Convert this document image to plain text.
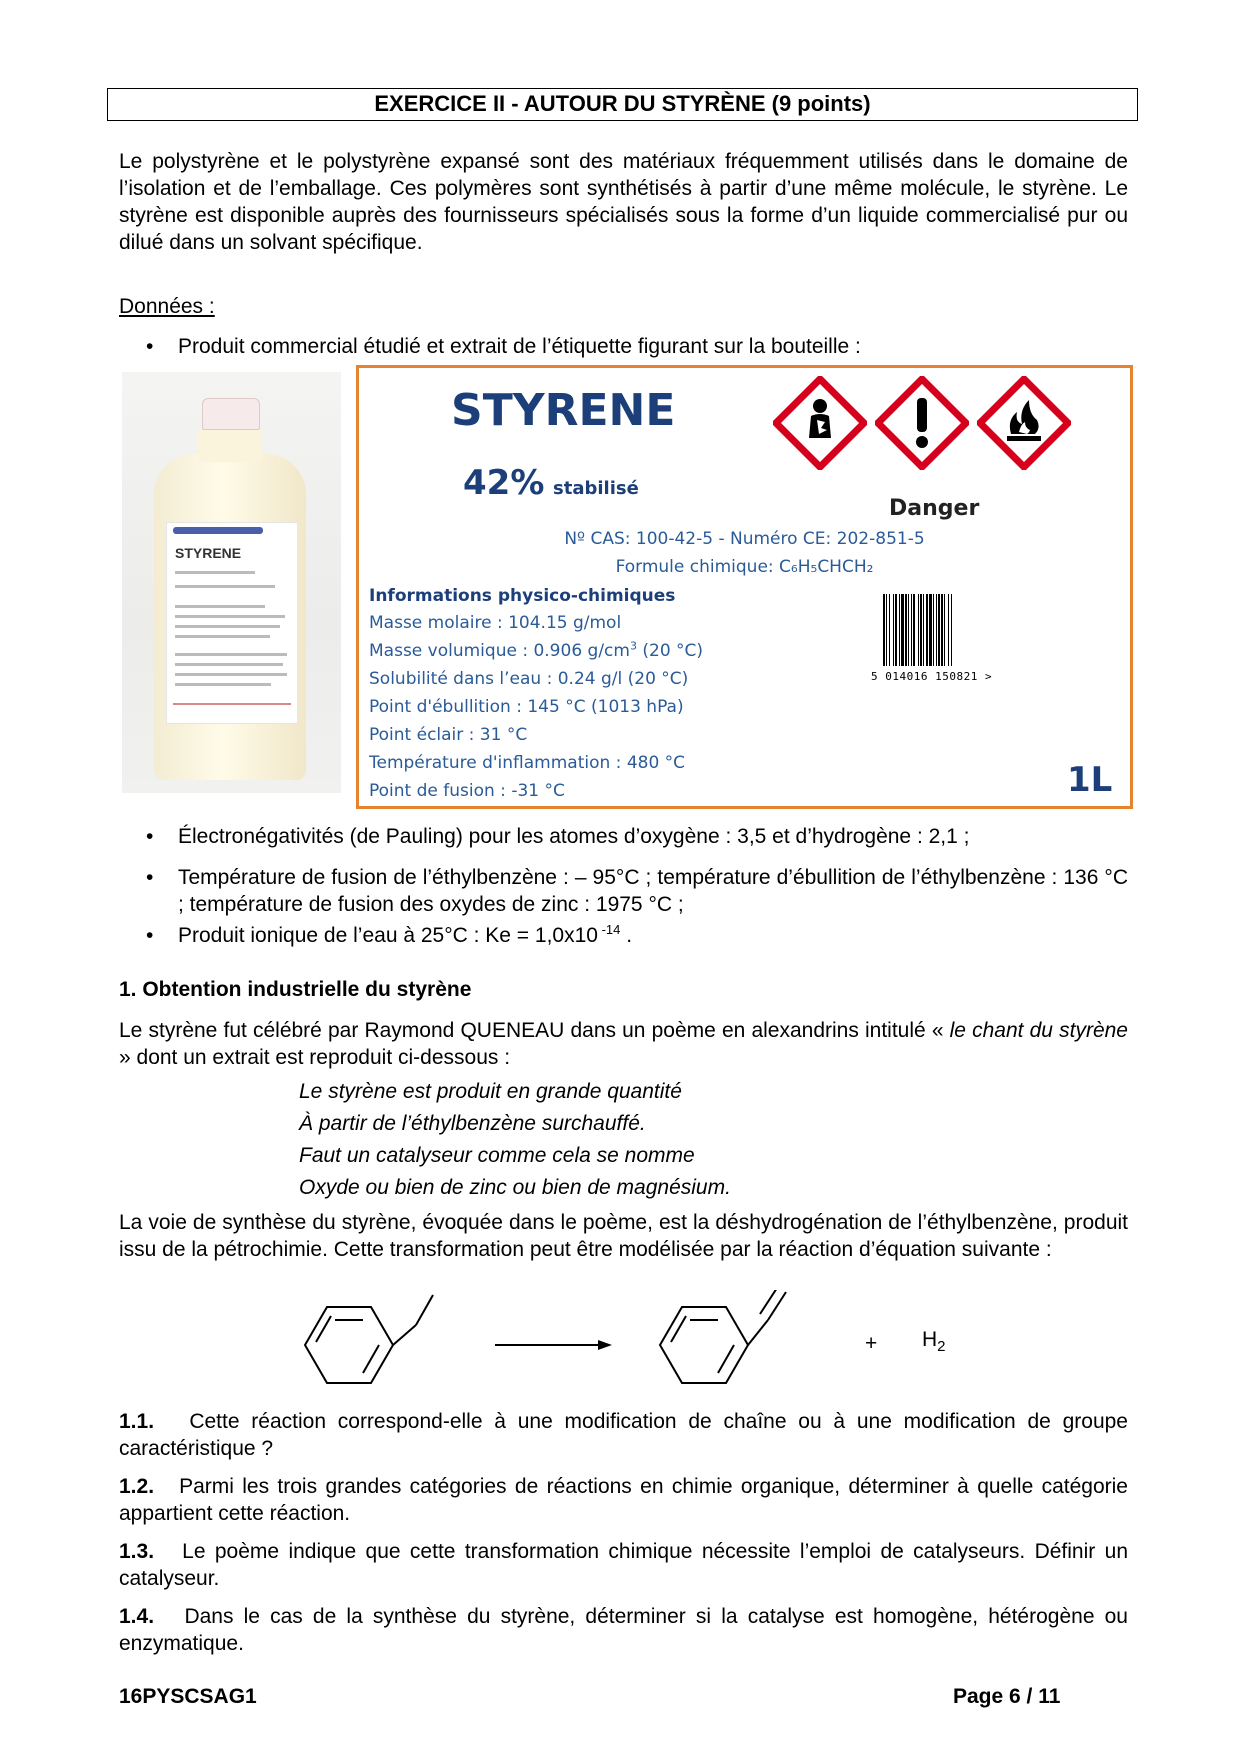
EXERCICE II - AUTOUR DU STYRÈNE (9 points)
Le polystyrène et le polystyrène expansé sont des matériaux fréquemment utilisés dans le domaine de l’isolation et de l’emballage. Ces polymères sont synthétisés à partir d’une même molécule, le styrène. Le styrène est disponible auprès des fournisseurs spécialisés sous la forme d’un liquide commercialisé pur ou dilué dans un solvant spécifique.
Données :
• Produit commercial étudié et extrait de l’étiquette figurant sur la bouteille :
STYRENE
STYRENE
42% stabilisé
Danger
Nº CAS: 100-42-5 - Numéro CE: 202-851-5
Formule chimique: C₆H₅CHCH₂
Informations physico-chimiques
Masse molaire : 104.15 g/mol
Masse volumique : 0.906 $g/cm^3$ (20 °C)
Solubilité dans l’eau : 0.24 g/l (20 °C)
Point d'ébullition : 145 °C (1013 hPa)
Point éclair : 31 °C
Température d'inflammation : 480 °C
Point de fusion : -31 °C
5 014016 150821 >
1L
• Électronégativités (de Pauling) pour les atomes d’oxygène : 3,5 et d’hydrogène : 2,1 ;
• Température de fusion de l’éthylbenzène : – 95°C ; température d’ébullition de l’éthylbenzène : 136 °C ; température de fusion des oxydes de zinc : 1975 °C ;
• Produit ionique de l’eau à 25°C : Ke = 1,0x10 $^{-14}$ .
1. Obtention industrielle du styrène
Le styrène fut célébré par Raymond QUENEAU dans un poème en alexandrins intitulé « le chant du styrène » dont un extrait est reproduit ci-dessous :
Le styrène est produit en grande quantité
À partir de l’éthylbenzène surchauffé.
Faut un catalyseur comme cela se nomme
Oxyde ou bien de zinc ou bien de magnésium.
La voie de synthèse du styrène, évoquée dans le poème, est la déshydrogénation de l’éthylbenzène, produit issu de la pétrochimie. Cette transformation peut être modélisée par la réaction d’équation suivante :
+ $H_2$
1.1. Cette réaction correspond-elle à une modification de chaîne ou à une modification de groupe caractéristique ?
1.2. Parmi les trois grandes catégories de réactions en chimie organique, déterminer à quelle catégorie appartient cette réaction.
1.3. Le poème indique que cette transformation chimique nécessite l’emploi de catalyseurs. Définir un catalyseur.
1.4. Dans le cas de la synthèse du styrène, déterminer si la catalyse est homogène, hétérogène ou enzymatique.
16PYSCSAG1	Page 6 / 11
